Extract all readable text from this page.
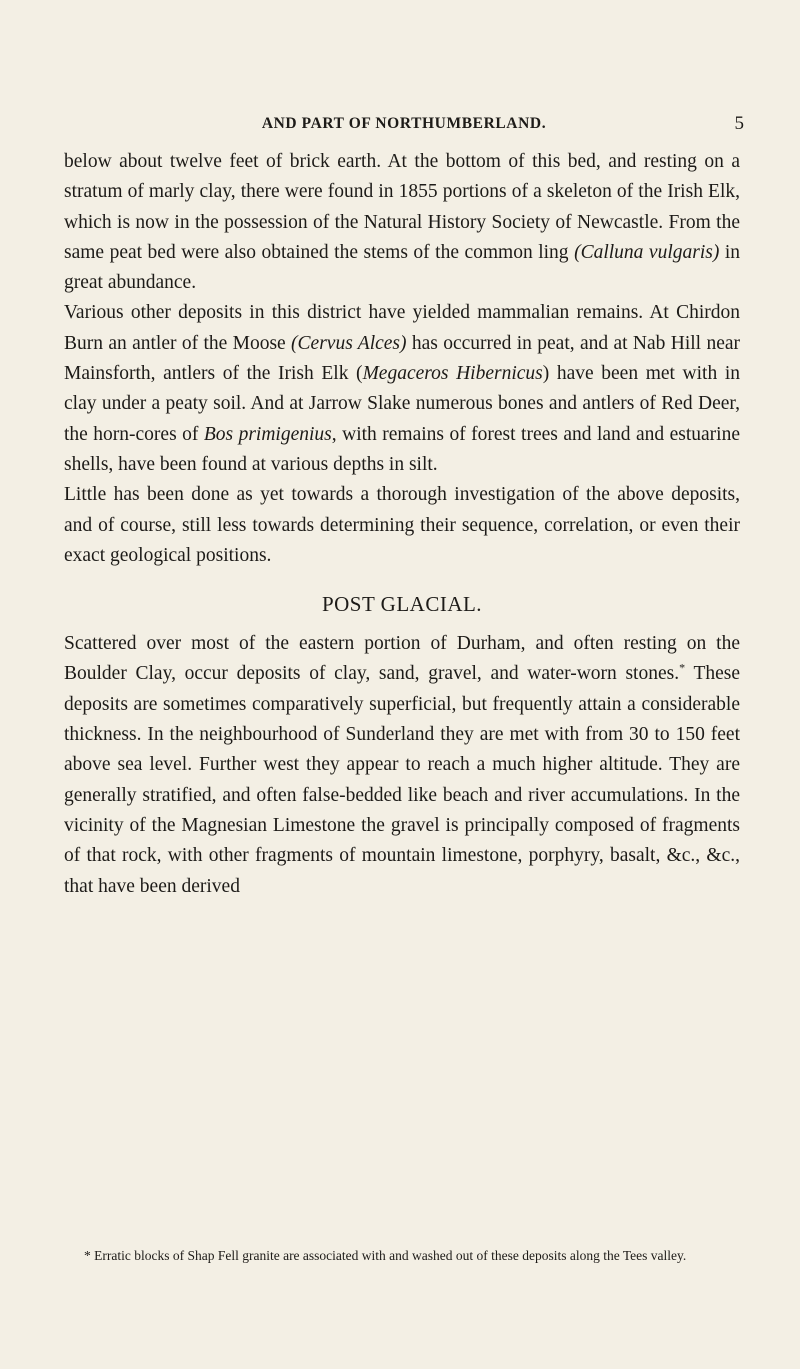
AND PART OF NORTHUMBERLAND.	5

below about twelve feet of brick earth. At the bottom of this bed, and resting on a stratum of marly clay, there were found in 1855 portions of a skeleton of the Irish Elk, which is now in the possession of the Natural History Society of Newcastle. From the same peat bed were also obtained the stems of the common ling (Calluna vulgaris) in great abundance.

Various other deposits in this district have yielded mammalian remains. At Chirdon Burn an antler of the Moose (Cervus Alces) has occurred in peat, and at Nab Hill near Mainsforth, antlers of the Irish Elk (Megaceros Hibernicus) have been met with in clay under a peaty soil. And at Jarrow Slake numerous bones and antlers of Red Deer, the horn-cores of Bos primigenius, with remains of forest trees and land and estuarine shells, have been found at various depths in silt.

Little has been done as yet towards a thorough investigation of the above deposits, and of course, still less towards determining their sequence, correlation, or even their exact geological positions.

POST GLACIAL.

Scattered over most of the eastern portion of Durham, and often resting on the Boulder Clay, occur deposits of clay, sand, gravel, and water-worn stones.* These deposits are sometimes comparatively superficial, but frequently attain a considerable thickness. In the neighbourhood of Sunderland they are met with from 30 to 150 feet above sea level. Further west they appear to reach a much higher altitude. They are generally stratified, and often false-bedded like beach and river accumulations. In the vicinity of the Magnesian Limestone the gravel is principally composed of fragments of that rock, with other fragments of mountain limestone, porphyry, basalt, &c., &c., that have been derived

* Erratic blocks of Shap Fell granite are associated with and washed out of these deposits along the Tees valley.
